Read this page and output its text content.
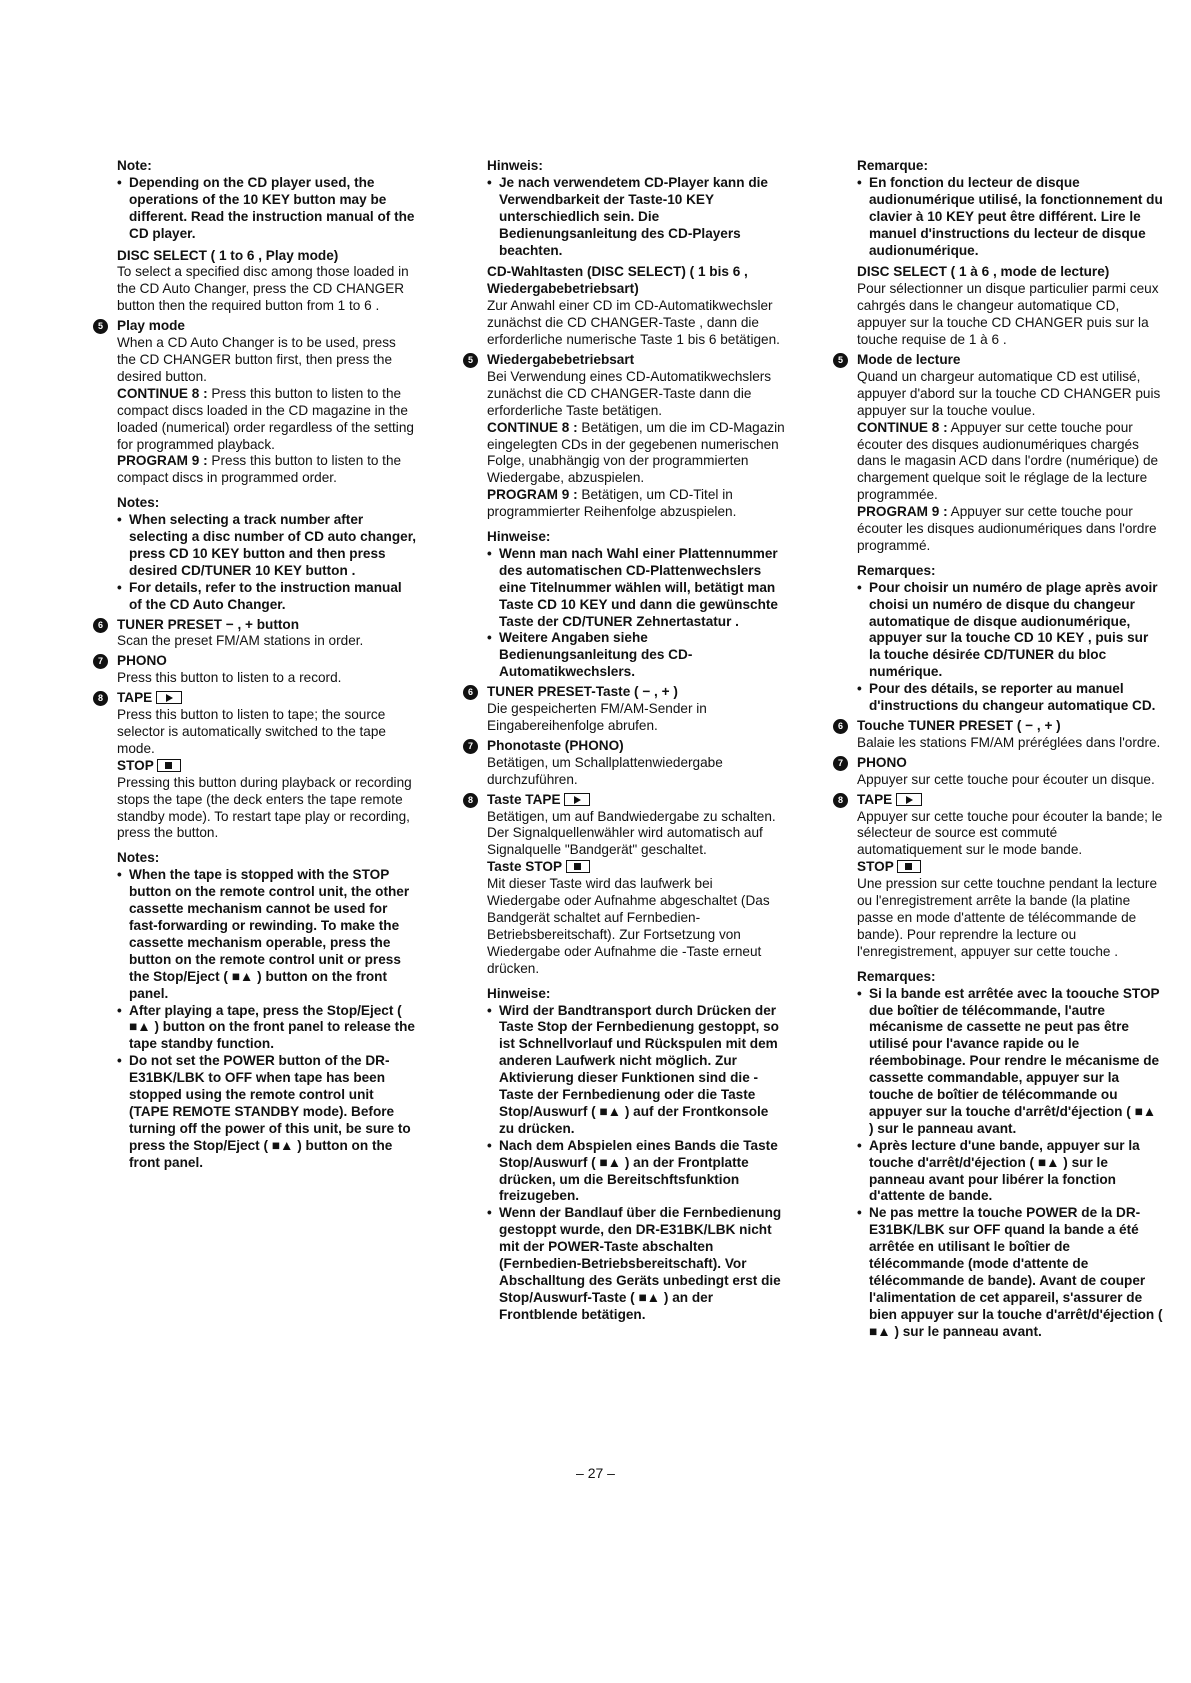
Note:
• Depending on the CD player used, the operations of the 10 KEY button may be different. Read the instruction manual of the CD player.
DISC SELECT ( 1 to 6 , Play mode)

To select a specified disc among those loaded in the CD Auto Changer, press the CD CHANGER button then the required button from 1 to 6 .

5	Play mode

When a CD Auto Changer is to be used, press the CD CHANGER button first, then press the desired button.

CONTINUE 8 : Press this button to listen to the compact discs loaded in the CD magazine in the loaded (numerical) order regardless of the setting for programmed playback.

PROGRAM 9 : Press this button to listen to the compact discs in programmed order.

Notes:
• When selecting a track number after selecting a disc number of CD auto changer, press CD 10 KEY button and then press desired CD/TUNER 10 KEY button .
• For details, refer to the instruction manual of the CD Auto Changer.
6	TUNER PRESET − , + button

Scan the preset FM/AM stations in order.

7	PHONO

Press this button to listen to a record.

8	TAPE

Press this button to listen to tape; the source selector is automatically switched to the tape mode.

STOP

Pressing this button during playback or recording stops the tape (the deck enters the tape remote standby mode). To restart tape play or recording, press the button.

Notes:
• When the tape is stopped with the STOP button on the remote control unit, the other cassette mechanism cannot be used for fast-forwarding or rewinding. To make the cassette mechanism operable, press the button on the remote control unit or press the Stop/Eject ( ■▲ ) button on the front panel.
• After playing a tape, press the Stop/Eject ( ■▲ ) button on the front panel to release the tape standby function.
• Do not set the POWER button of the DR-E31BK/LBK to OFF when tape has been stopped using the remote control unit (TAPE REMOTE STANDBY mode). Before turning off the power of this unit, be sure to press the Stop/Eject ( ■▲ ) button on the front panel.
Hinweis:
• Je nach verwendetem CD-Player kann die Verwendbarkeit der Taste-10 KEY unterschiedlich sein. Die Bedienungsanleitung des CD-Players beachten.
CD-Wahltasten (DISC SELECT) ( 1 bis 6 , Wiedergabebetriebsart)

Zur Anwahl einer CD im CD-Automatikwechsler zunächst die CD CHANGER-Taste , dann die erforderliche numerische Taste 1 bis 6 betätigen.

5	Wiedergabebetriebsart

Bei Verwendung eines CD-Automatikwechslers zunächst die CD CHANGER-Taste dann die erforderliche Taste betätigen.

CONTINUE 8 : Betätigen, um die im CD-Magazin eingelegten CDs in der gegebenen numerischen Folge, unabhängig von der programmierten Wiedergabe, abzuspielen.

PROGRAM 9 : Betätigen, um CD-Titel in programmierter Reihenfolge abzuspielen.

Hinweise:
• Wenn man nach Wahl einer Plattennummer des automatischen CD-Plattenwechslers eine Titelnummer wählen will, betätigt man Taste CD 10 KEY und dann die gewünschte Taste der CD/TUNER Zehnertastatur .
• Weitere Angaben siehe Bedienungsanleitung des CD-Automatikwechslers.
6	TUNER PRESET-Taste ( − , + )

Die gespeicherten FM/AM-Sender in Eingabereihenfolge abrufen.

7	Phonotaste (PHONO)

Betätigen, um Schallplattenwiedergabe durchzuführen.

8	Taste TAPE

Betätigen, um auf Bandwiedergabe zu schalten. Der Signalquellenwähler wird automatisch auf Signalquelle "Bandgerät" geschaltet.

Taste STOP

Mit dieser Taste wird das laufwerk bei Wiedergabe oder Aufnahme abgeschaltet (Das Bandgerät schaltet auf Fernbedien-Betriebsbereitschaft). Zur Fortsetzung von Wiedergabe oder Aufnahme die -Taste erneut drücken.

Hinweise:
• Wird der Bandtransport durch Drücken der Taste Stop der Fernbedienung gestoppt, so ist Schnellvorlauf und Rückspulen mit dem anderen Laufwerk nicht möglich. Zur Aktivierung dieser Funktionen sind die -Taste der Fernbedienung oder die Taste Stop/Auswurf ( ■▲ ) auf der Frontkonsole zu drücken.
• Nach dem Abspielen eines Bands die Taste Stop/Auswurf ( ■▲ ) an der Frontplatte drücken, um die Bereitschftsfunktion freizugeben.
• Wenn der Bandlauf über die Fernbedienung gestoppt wurde, den DR-E31BK/LBK nicht mit der POWER-Taste abschalten (Fernbedien-Betriebsbereitschaft). Vor Abschalltung des Geräts unbedingt erst die Stop/Auswurf-Taste ( ■▲ ) an der Frontblende betätigen.
Remarque:
• En fonction du lecteur de disque audionumérique utilisé, la fonctionnement du clavier à 10 KEY peut être différent. Lire le manuel d'instructions du lecteur de disque audionumérique.
DISC SELECT ( 1 à 6 , mode de lecture)

Pour sélectionner un disque particulier parmi ceux cahrgés dans le changeur automatique CD, appuyer sur la touche CD CHANGER puis sur la touche requise de 1 à 6 .

5	Mode de lecture

Quand un chargeur automatique CD est utilisé, appuyer d'abord sur la touche CD CHANGER puis appuyer sur la touche voulue.

CONTINUE 8 : Appuyer sur cette touche pour écouter des disques audionumériques chargés dans le magasin ACD dans l'ordre (numérique) de chargement quelque soit le réglage de la lecture programmée.

PROGRAM 9 : Appuyer sur cette touche pour écouter les disques audionumériques dans l'ordre programmé.

Remarques:
• Pour choisir un numéro de plage après avoir choisi un numéro de disque du changeur automatique de disque audionumérique, appuyer sur la touche CD 10 KEY , puis sur la touche désirée CD/TUNER du bloc numérique.
• Pour des détails, se reporter au manuel d'instructions du changeur automatique CD.
6	Touche TUNER PRESET ( − , + )

Balaie les stations FM/AM préréglées dans l'ordre.

7	PHONO

Appuyer sur cette touche pour écouter un disque.

8	TAPE

Appuyer sur cette touche pour écouter la bande; le sélecteur de source est commuté automatiquement sur le mode bande.

STOP

Une pression sur cette touchne pendant la lecture ou l'enregistrement arrête la bande (la platine passe en mode d'attente de télécommande de bande). Pour reprendre la lecture ou l'enregistrement, appuyer sur cette touche .

Remarques:
• Si la bande est arrêtée avec la toouche STOP due boîtier de télécommande, l'autre mécanisme de cassette ne peut pas être utilisé pour l'avance rapide ou le réembobinage. Pour rendre le mécanisme de cassette commandable, appuyer sur la touche de boîtier de télécommande ou appuyer sur la touche d'arrêt/d'éjection ( ■▲ ) sur le panneau avant.
• Après lecture d'une bande, appuyer sur la touche d'arrêt/d'éjection ( ■▲ ) sur le panneau avant pour libérer la fonction d'attente de bande.
• Ne pas mettre la touche POWER de la DR-E31BK/LBK sur OFF quand la bande a été arrêtée en utilisant le boîtier de télécommande (mode d'attente de télécommande de bande). Avant de couper l'alimentation de cet appareil, s'assurer de bien appuyer sur la touche d'arrêt/d'éjection ( ■▲ ) sur le panneau avant.
– 27 –
